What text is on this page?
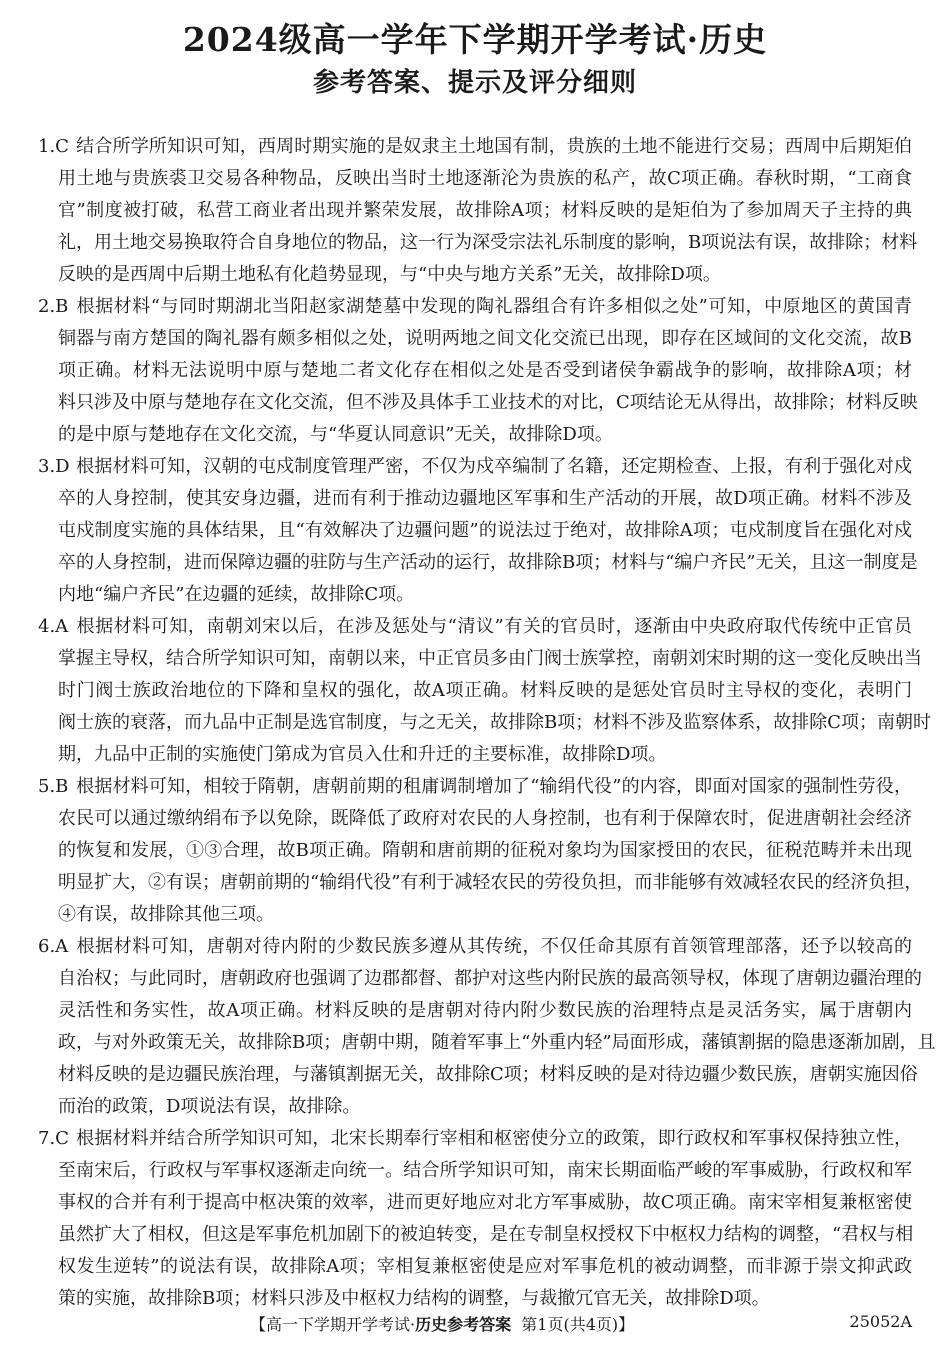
2024级高一学年下学期开学考试·历史
参考答案、提示及评分细则
1.C 结合所学所知识可知，西周时期实施的是奴隶主土地国有制，贵族的土地不能进行交易；西周中后期矩伯
用土地与贵族裘卫交易各种物品，反映出当时土地逐渐沦为贵族的私产，故C项正确。春秋时期，“工商食
官”制度被打破，私营工商业者出现并繁荣发展，故排除A项；材料反映的是矩伯为了参加周天子主持的典
礼，用土地交易换取符合自身地位的物品，这一行为深受宗法礼乐制度的影响，B项说法有误，故排除；材料
反映的是西周中后期土地私有化趋势显现，与“中央与地方关系”无关，故排除D项。
2.B 根据材料“与同时期湖北当阳赵家湖楚墓中发现的陶礼器组合有许多相似之处”可知，中原地区的黄国青
铜器与南方楚国的陶礼器有颇多相似之处，说明两地之间文化交流已出现，即存在区域间的文化交流，故B
项正确。材料无法说明中原与楚地二者文化存在相似之处是否受到诸侯争霸战争的影响，故排除A项；材
料只涉及中原与楚地存在文化交流，但不涉及具体手工业技术的对比，C项结论无从得出，故排除；材料反映
的是中原与楚地存在文化交流，与“华夏认同意识”无关，故排除D项。
3.D 根据材料可知，汉朝的屯戍制度管理严密，不仅为戍卒编制了名籍，还定期检查、上报，有利于强化对戍
卒的人身控制，使其安身边疆，进而有利于推动边疆地区军事和生产活动的开展，故D项正确。材料不涉及
屯戍制度实施的具体结果，且“有效解决了边疆问题”的说法过于绝对，故排除A项；屯戍制度旨在强化对戍
卒的人身控制，进而保障边疆的驻防与生产活动的运行，故排除B项；材料与“编户齐民”无关，且这一制度是
内地“编户齐民”在边疆的延续，故排除C项。
4.A 根据材料可知，南朝刘宋以后，在涉及惩处与“清议”有关的官员时，逐渐由中央政府取代传统中正官员
掌握主导权，结合所学知识可知，南朝以来，中正官员多由门阀士族掌控，南朝刘宋时期的这一变化反映出当
时门阀士族政治地位的下降和皇权的强化，故A项正确。材料反映的是惩处官员时主导权的变化，表明门
阀士族的衰落，而九品中正制是选官制度，与之无关，故排除B项；材料不涉及监察体系，故排除C项；南朝时
期，九品中正制的实施使门第成为官员入仕和升迁的主要标准，故排除D项。
5.B 根据材料可知，相较于隋朝，唐朝前期的租庸调制增加了“输绢代役”的内容，即面对国家的强制性劳役，
农民可以通过缴纳绢布予以免除，既降低了政府对农民的人身控制，也有利于保障农时，促进唐朝社会经济
的恢复和发展，①③合理，故B项正确。隋朝和唐前期的征税对象均为国家授田的农民，征税范畴并未出现
明显扩大，②有误；唐朝前期的“输绢代役”有利于减轻农民的劳役负担，而非能够有效减轻农民的经济负担，
④有误，故排除其他三项。
6.A 根据材料可知，唐朝对待内附的少数民族多遵从其传统，不仅任命其原有首领管理部落，还予以较高的
自治权；与此同时，唐朝政府也强调了边郡都督、都护对这些内附民族的最高领导权，体现了唐朝边疆治理的
灵活性和务实性，故A项正确。材料反映的是唐朝对待内附少数民族的治理特点是灵活务实，属于唐朝内
政，与对外政策无关，故排除B项；唐朝中期，随着军事上“外重内轻”局面形成，藩镇割据的隐患逐渐加剧，且
材料反映的是边疆民族治理，与藩镇割据无关，故排除C项；材料反映的是对待边疆少数民族，唐朝实施因俗
而治的政策，D项说法有误，故排除。
7.C 根据材料并结合所学知识可知，北宋长期奉行宰相和枢密使分立的政策，即行政权和军事权保持独立性，
至南宋后，行政权与军事权逐渐走向统一。结合所学知识可知，南宋长期面临严峻的军事威胁，行政权和军
事权的合并有利于提高中枢决策的效率，进而更好地应对北方军事威胁，故C项正确。南宋宰相复兼枢密使
虽然扩大了相权，但这是军事危机加剧下的被迫转变，是在专制皇权授权下中枢权力结构的调整，“君权与相
权发生逆转”的说法有误，故排除A项；宰相复兼枢密使是应对军事危机的被动调整，而非源于崇文抑武政
策的实施，故排除B项；材料只涉及中枢权力结构的调整，与裁撤冗官无关，故排除D项。
【高一下学期开学考试·历史参考答案 第1页(共4页)】	25052A
